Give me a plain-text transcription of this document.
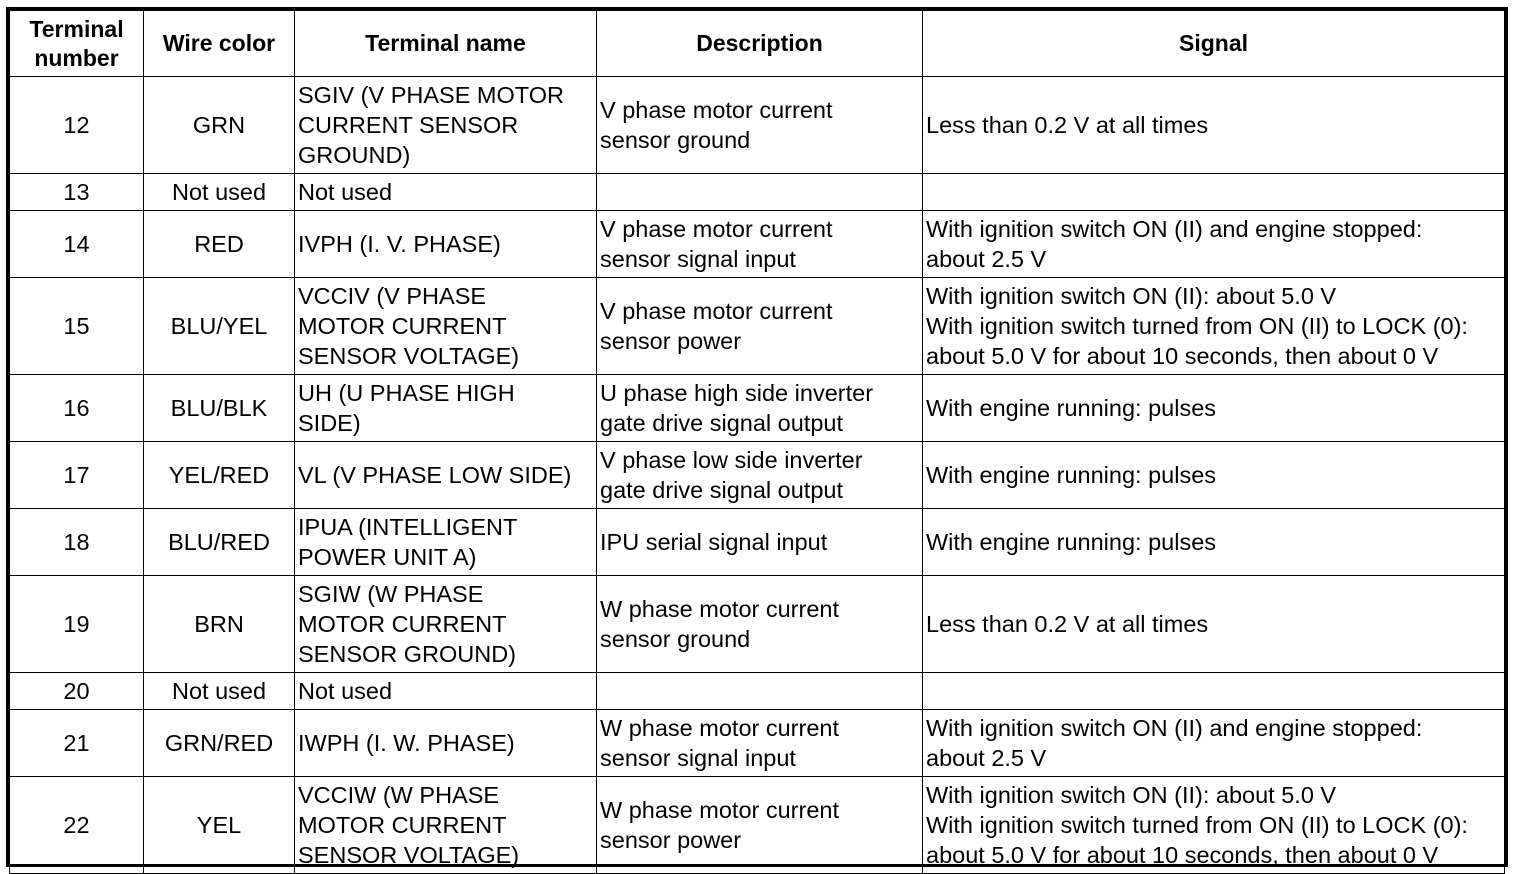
Terminal
number	Wire color	Terminal name	Description	Signal
12	GRN	SGIV (V PHASE MOTOR
CURRENT SENSOR
GROUND)	V phase motor current
sensor ground	Less than 0.2 V at all times

13	Not used	Not used		

14	RED	IVPH (I. V. PHASE)	V phase motor current
sensor signal input	With ignition switch ON (II) and engine stopped:
about 2.5 V

15	BLU/YEL	VCCIV (V PHASE
MOTOR CURRENT
SENSOR VOLTAGE)	V phase motor current
sensor power	With ignition switch ON (II): about 5.0 V
With ignition switch turned from ON (II) to LOCK (0):
about 5.0 V for about 10 seconds, then about 0 V

16	BLU/BLK	UH (U PHASE HIGH
SIDE)	U phase high side inverter
gate drive signal output	With engine running: pulses

17	YEL/RED	VL (V PHASE LOW SIDE)	V phase low side inverter
gate drive signal output	With engine running: pulses

18	BLU/RED	IPUA (INTELLIGENT
POWER UNIT A)	IPU serial signal input	With engine running: pulses

19	BRN	SGIW (W PHASE
MOTOR CURRENT
SENSOR GROUND)	W phase motor current
sensor ground	Less than 0.2 V at all times

20	Not used	Not used		

21	GRN/RED	IWPH (I. W. PHASE)	W phase motor current
sensor signal input	With ignition switch ON (II) and engine stopped:
about 2.5 V

22	YEL	VCCIW (W PHASE
MOTOR CURRENT
SENSOR VOLTAGE)	W phase motor current
sensor power	With ignition switch ON (II): about 5.0 V
With ignition switch turned from ON (II) to LOCK (0):
about 5.0 V for about 10 seconds, then about 0 V
